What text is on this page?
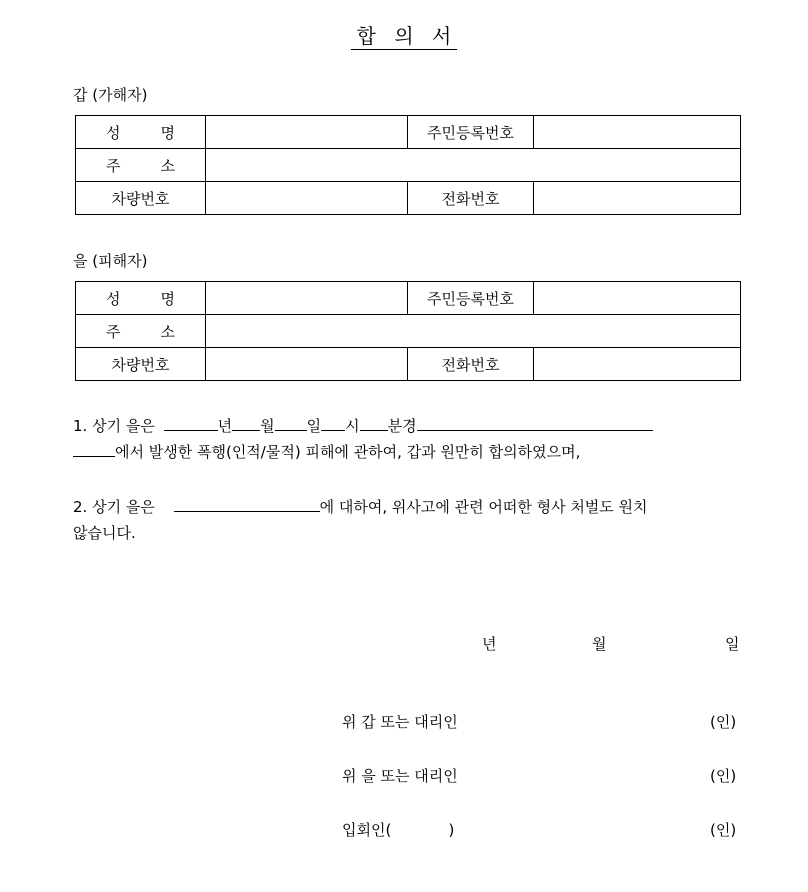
합 의 서
갑 (가해자)
성 명		주민등록번호	
주 소			
차량번호		전화번호	
을 (피해자)
성 명		주민등록번호	
주 소			
차량번호		전화번호	
1. 상기 을은	년 월 일 시 분경
에서 발생한 폭행(인적/물적) 피해에 관하여, 갑과 원만히 합의하였으며,
2. 상기 을은	에 대하여, 위사고에 관련 어떠한 형사 처벌도 원치
않습니다.
년	월	일
위 갑 또는 대리인	(인)
위 을 또는 대리인	(인)
입회인(            )	(인)
